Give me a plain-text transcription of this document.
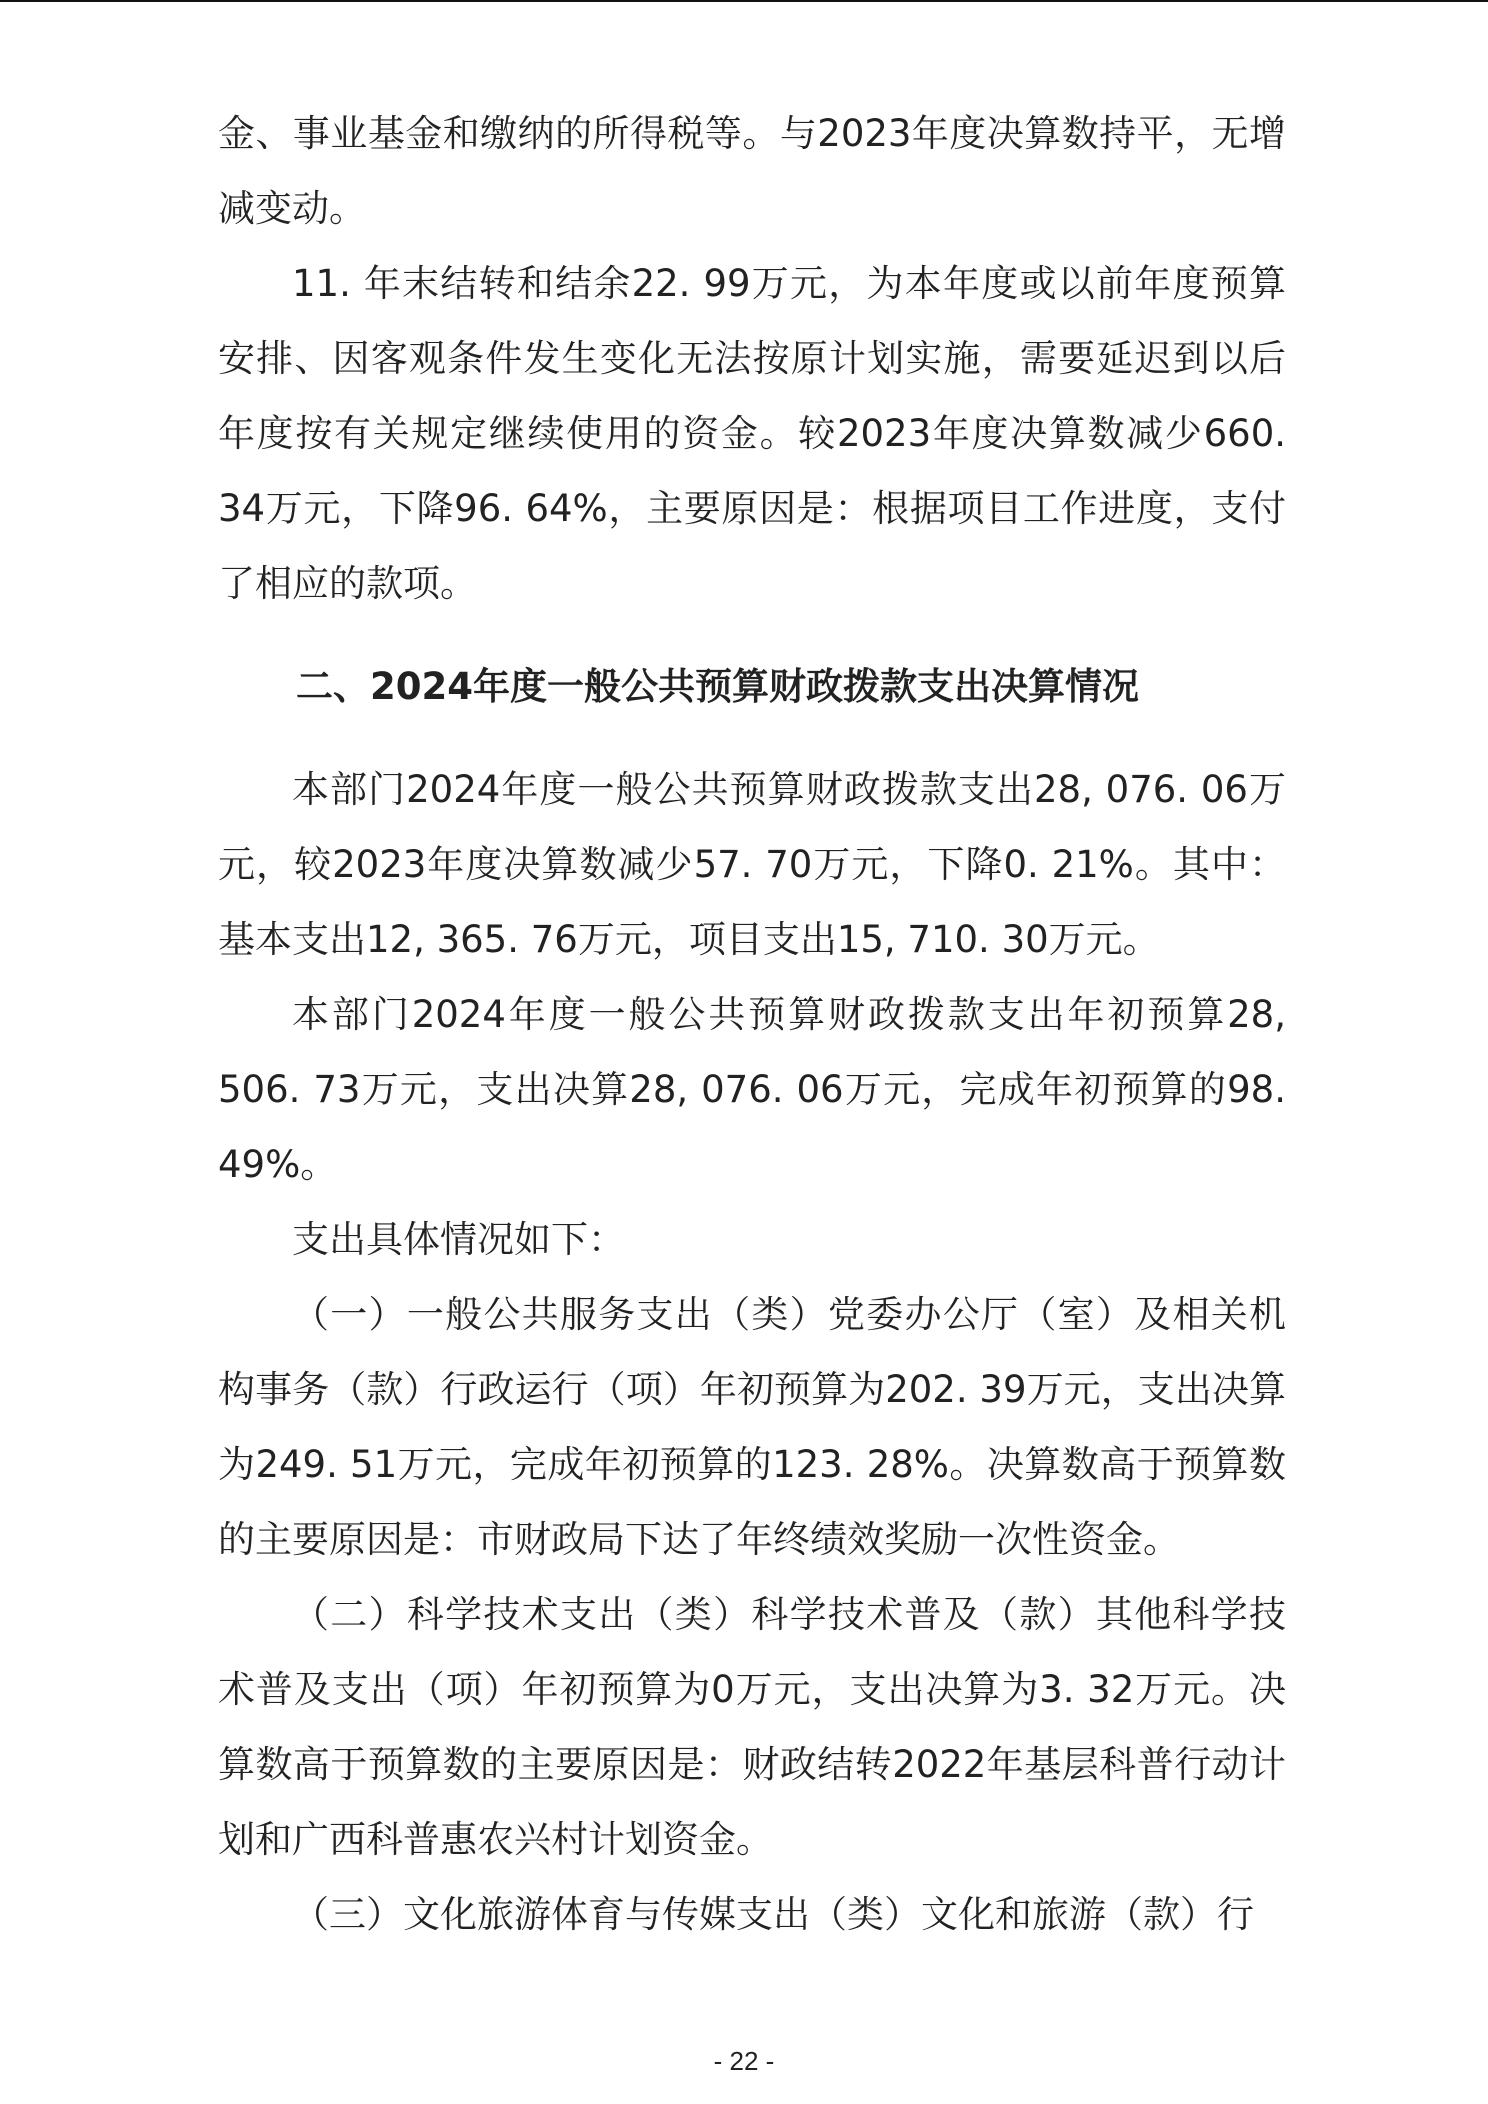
金、事业基金和缴纳的所得税等。与2023年度决算数持平，无增减变动。

11. 年末结转和结余22. 99万元，为本年度或以前年度预算安排、因客观条件发生变化无法按原计划实施，需要延迟到以后年度按有关规定继续使用的资金。较2023年度决算数减少660. 34万元，下降96. 64%，主要原因是：根据项目工作进度，支付了相应的款项。

二、2024年度一般公共预算财政拨款支出决算情况

本部门2024年度一般公共预算财政拨款支出28, 076. 06万元，较2023年度决算数减少57. 70万元，下降0. 21%。其中：基本支出12, 365. 76万元，项目支出15, 710. 30万元。

本部门2024年度一般公共预算财政拨款支出年初预算28, 506. 73万元，支出决算28, 076. 06万元，完成年初预算的98. 49%。

支出具体情况如下：

（一）一般公共服务支出（类）党委办公厅（室）及相关机构事务（款）行政运行（项）年初预算为202. 39万元，支出决算为249. 51万元，完成年初预算的123. 28%。决算数高于预算数的主要原因是：市财政局下达了年终绩效奖励一次性资金。

（二）科学技术支出（类）科学技术普及（款）其他科学技术普及支出（项）年初预算为0万元，支出决算为3. 32万元。决算数高于预算数的主要原因是：财政结转2022年基层科普行动计划和广西科普惠农兴村计划资金。

（三）文化旅游体育与传媒支出（类）文化和旅游（款）行

- 22 -
